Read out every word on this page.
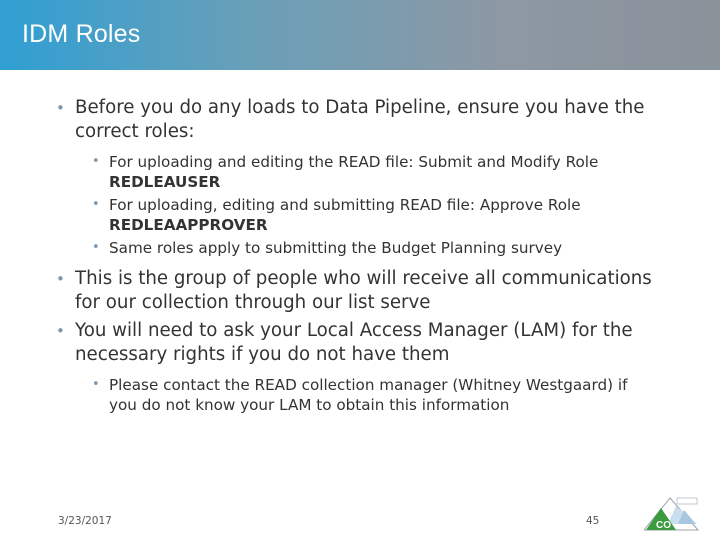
IDM Roles
• Before you do any loads to Data Pipeline, ensure you have the correct roles:
• For uploading and editing the READ file: Submit and Modify Role REDLEAUSER
• For uploading, editing and submitting READ file: Approve Role REDLEAAPPROVER
• Same roles apply to submitting the Budget Planning survey
• This is the group of people who will receive all communications for our collection through our list serve
• You will need to ask your Local Access Manager (LAM) for the necessary rights if you do not have them
• Please contact the READ collection manager (Whitney Westgaard) if you do not know your LAM to obtain this information
3/23/2017	45	CO
